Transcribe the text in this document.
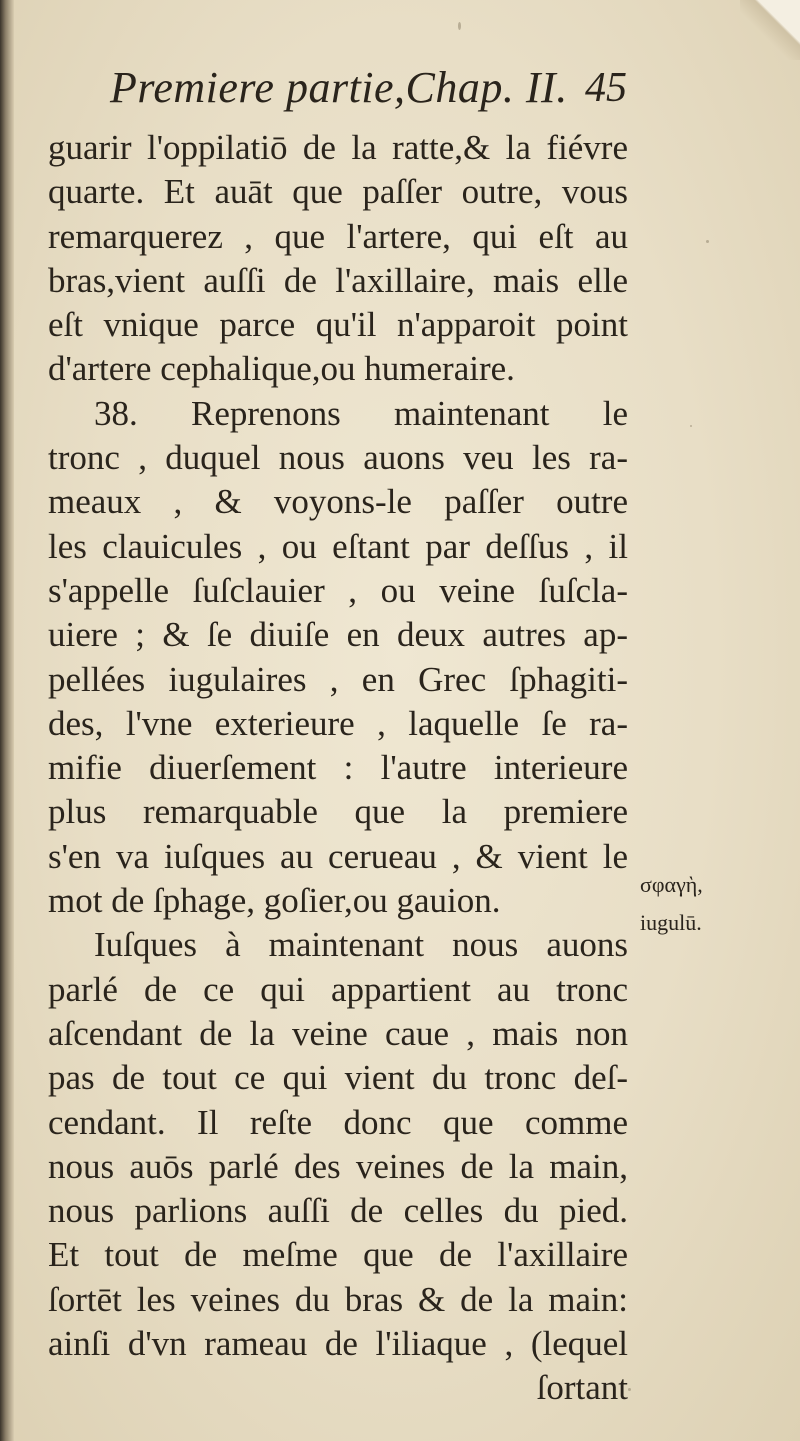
Premiere partie,Chap. II. 45
guarir l'oppilatiō de la ratte,& la fiévre
quarte. Et auāt que paſſer outre, vous
remarquerez , que l'artere, qui eſt au
bras,vient auſſi de l'axillaire, mais elle
eſt vnique parce qu'il n'apparoit point
d'artere cephalique,ou humeraire.
38. Reprenons maintenant le
tronc , duquel nous auons veu les ra-
meaux , & voyons-le paſſer outre
les clauicules , ou eſtant par deſſus , il
s'appelle ſuſclauier , ou veine ſuſcla-
uiere ; & ſe diuiſe en deux autres ap-
pellées iugulaires , en Grec ſphagiti-
des, l'vne exterieure , laquelle ſe ra-
mifie diuerſement : l'autre interieure
plus remarquable que la premiere
s'en va iuſques au cerueau , & vient le
mot de ſphage, goſier,ou gauion.
Iuſques à maintenant nous auons
parlé de ce qui appartient au tronc
aſcendant de la veine caue , mais non
pas de tout ce qui vient du tronc deſ-
cendant. Il reſte donc que comme
nous auōs parlé des veines de la main,
nous parlions auſſi de celles du pied.
Et tout de meſme que de l'axillaire
ſortēt les veines du bras & de la main:
ainſi d'vn rameau de l'iliaque , (lequel
ſortant
σφαγὴ,
iugulū.
